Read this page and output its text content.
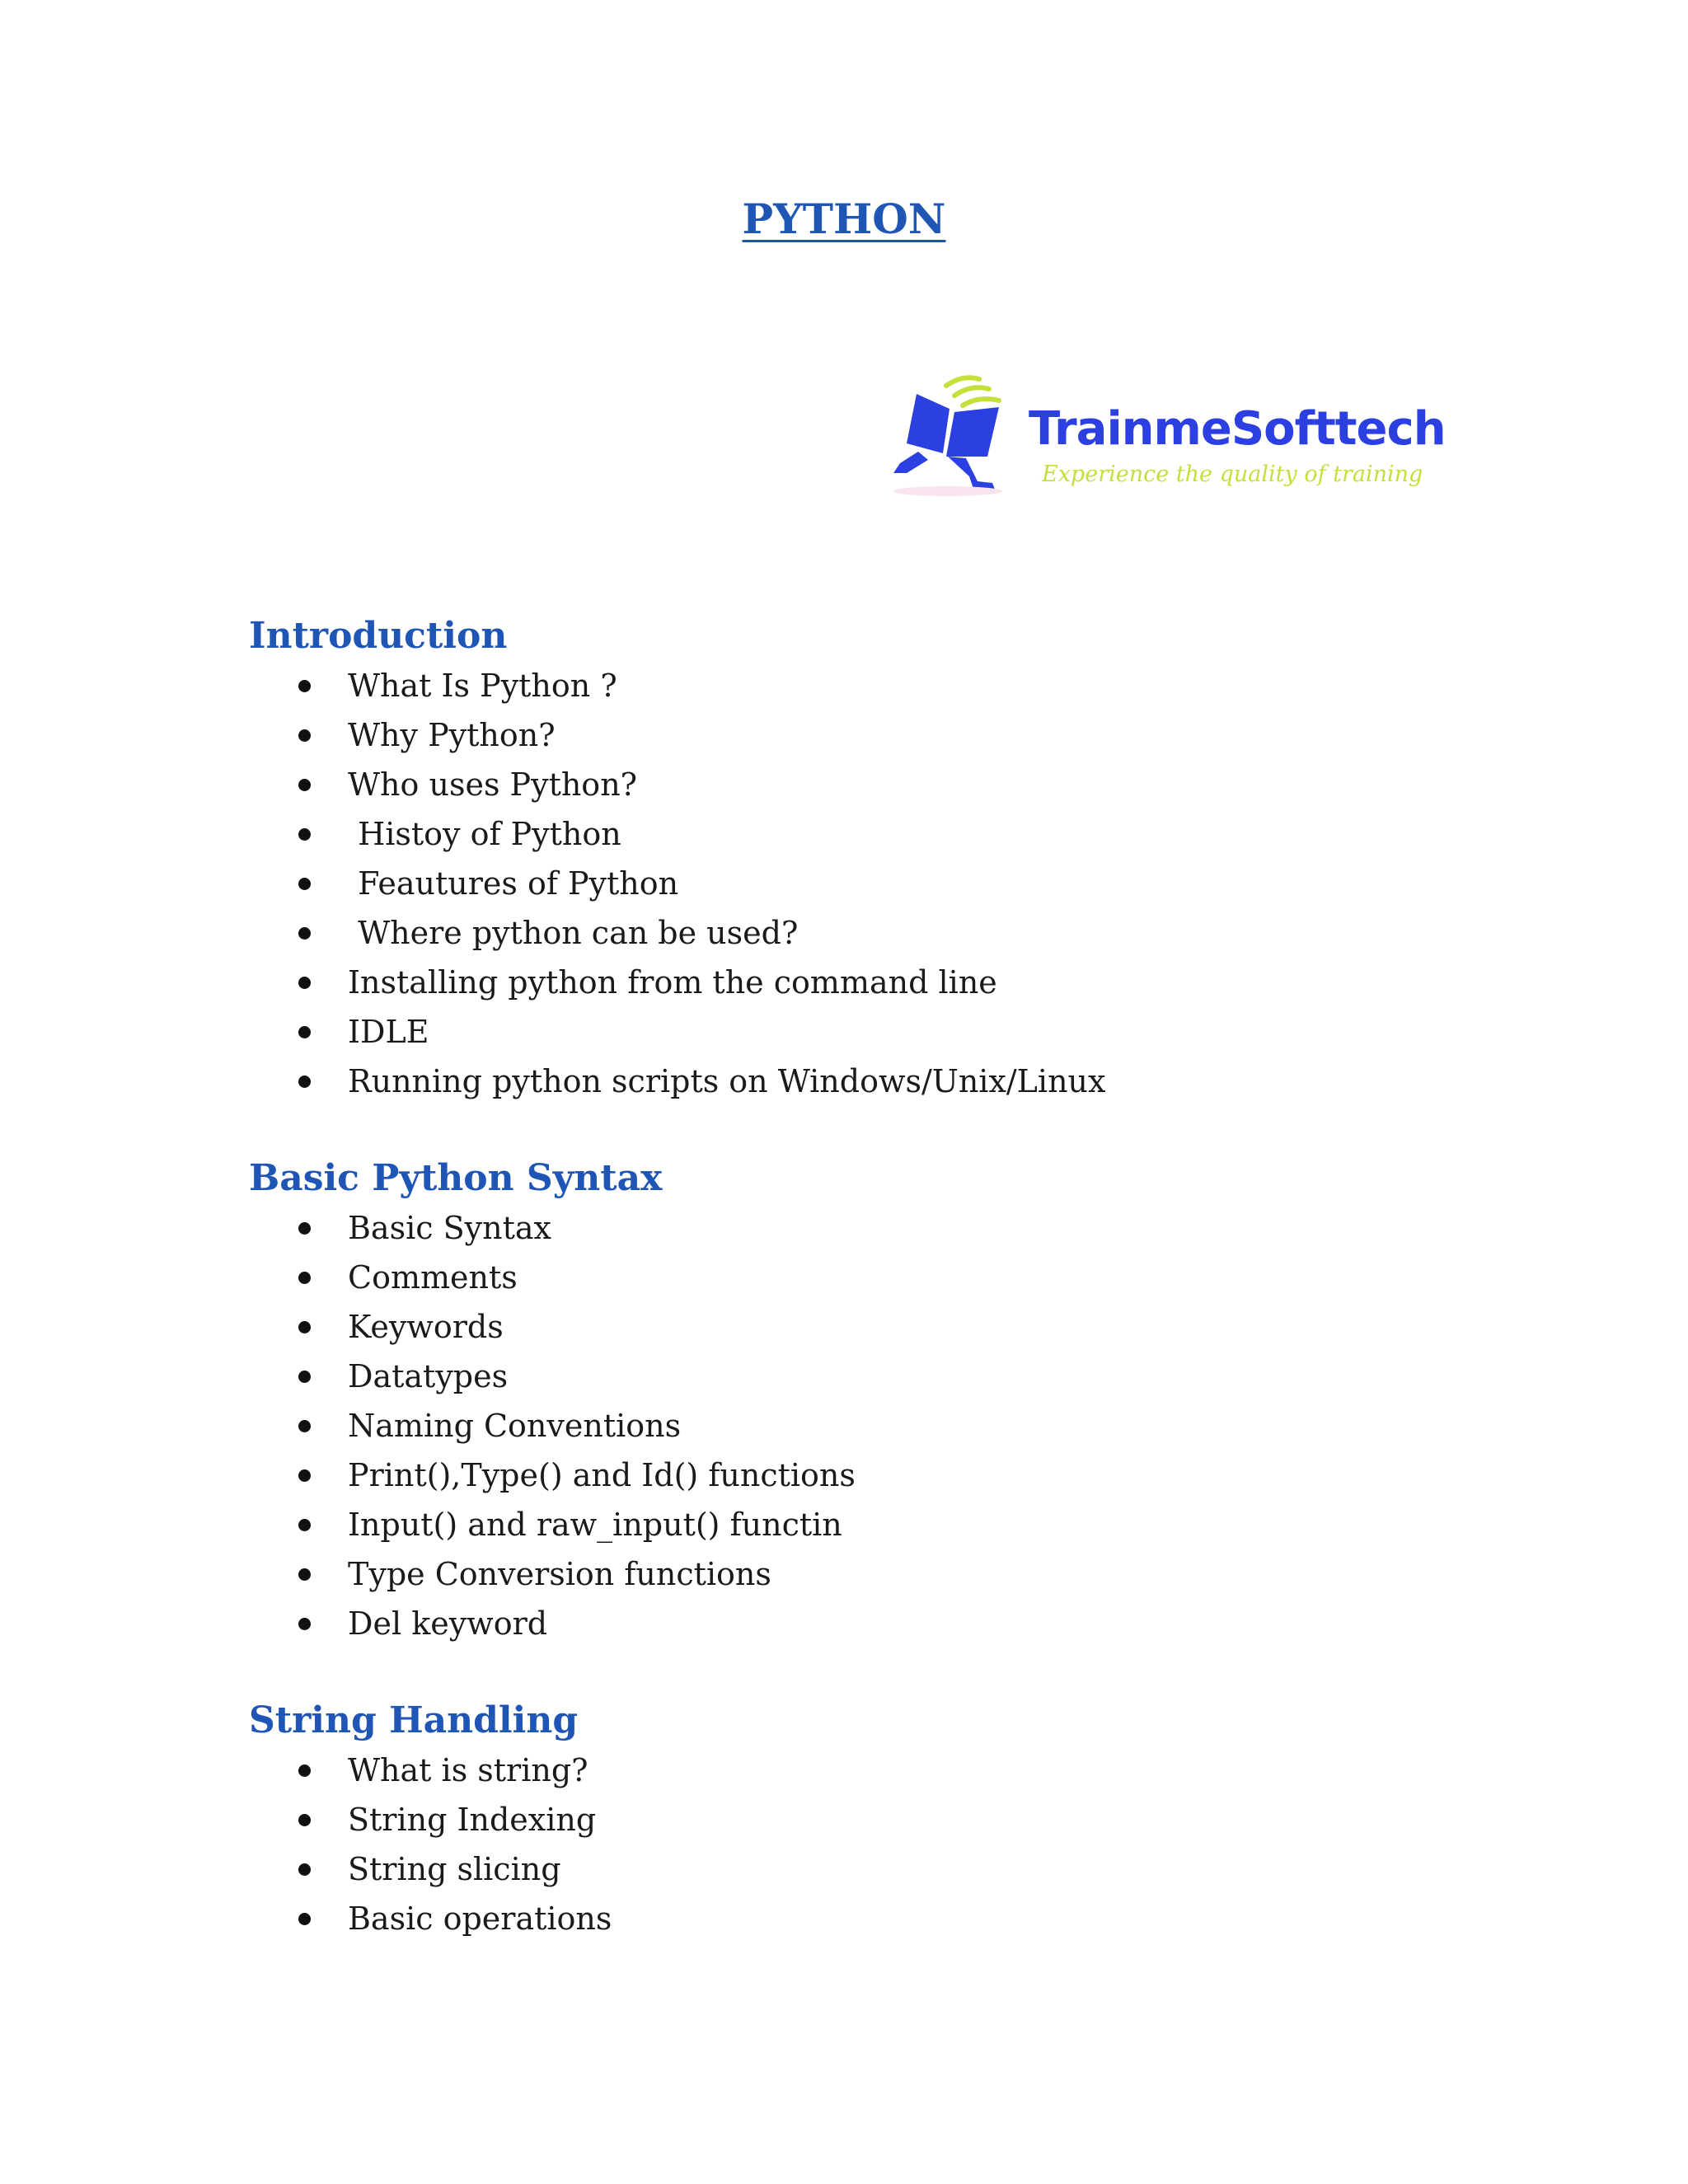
PYTHON
TrainmeSofttech
Experience the quality of training
Introduction
What Is Python ?
Why Python?
Who uses Python?
Histoy of Python
Feautures of Python
Where python can be used?
Installing python from the command line
IDLE
Running python scripts on Windows/Unix/Linux
Basic Python Syntax
Basic Syntax
Comments
Keywords
Datatypes
Naming Conventions
Print(),Type() and Id() functions
Input() and raw_input() functin
Type Conversion functions
Del keyword
String Handling
What is string?
String Indexing
String slicing
Basic operations
